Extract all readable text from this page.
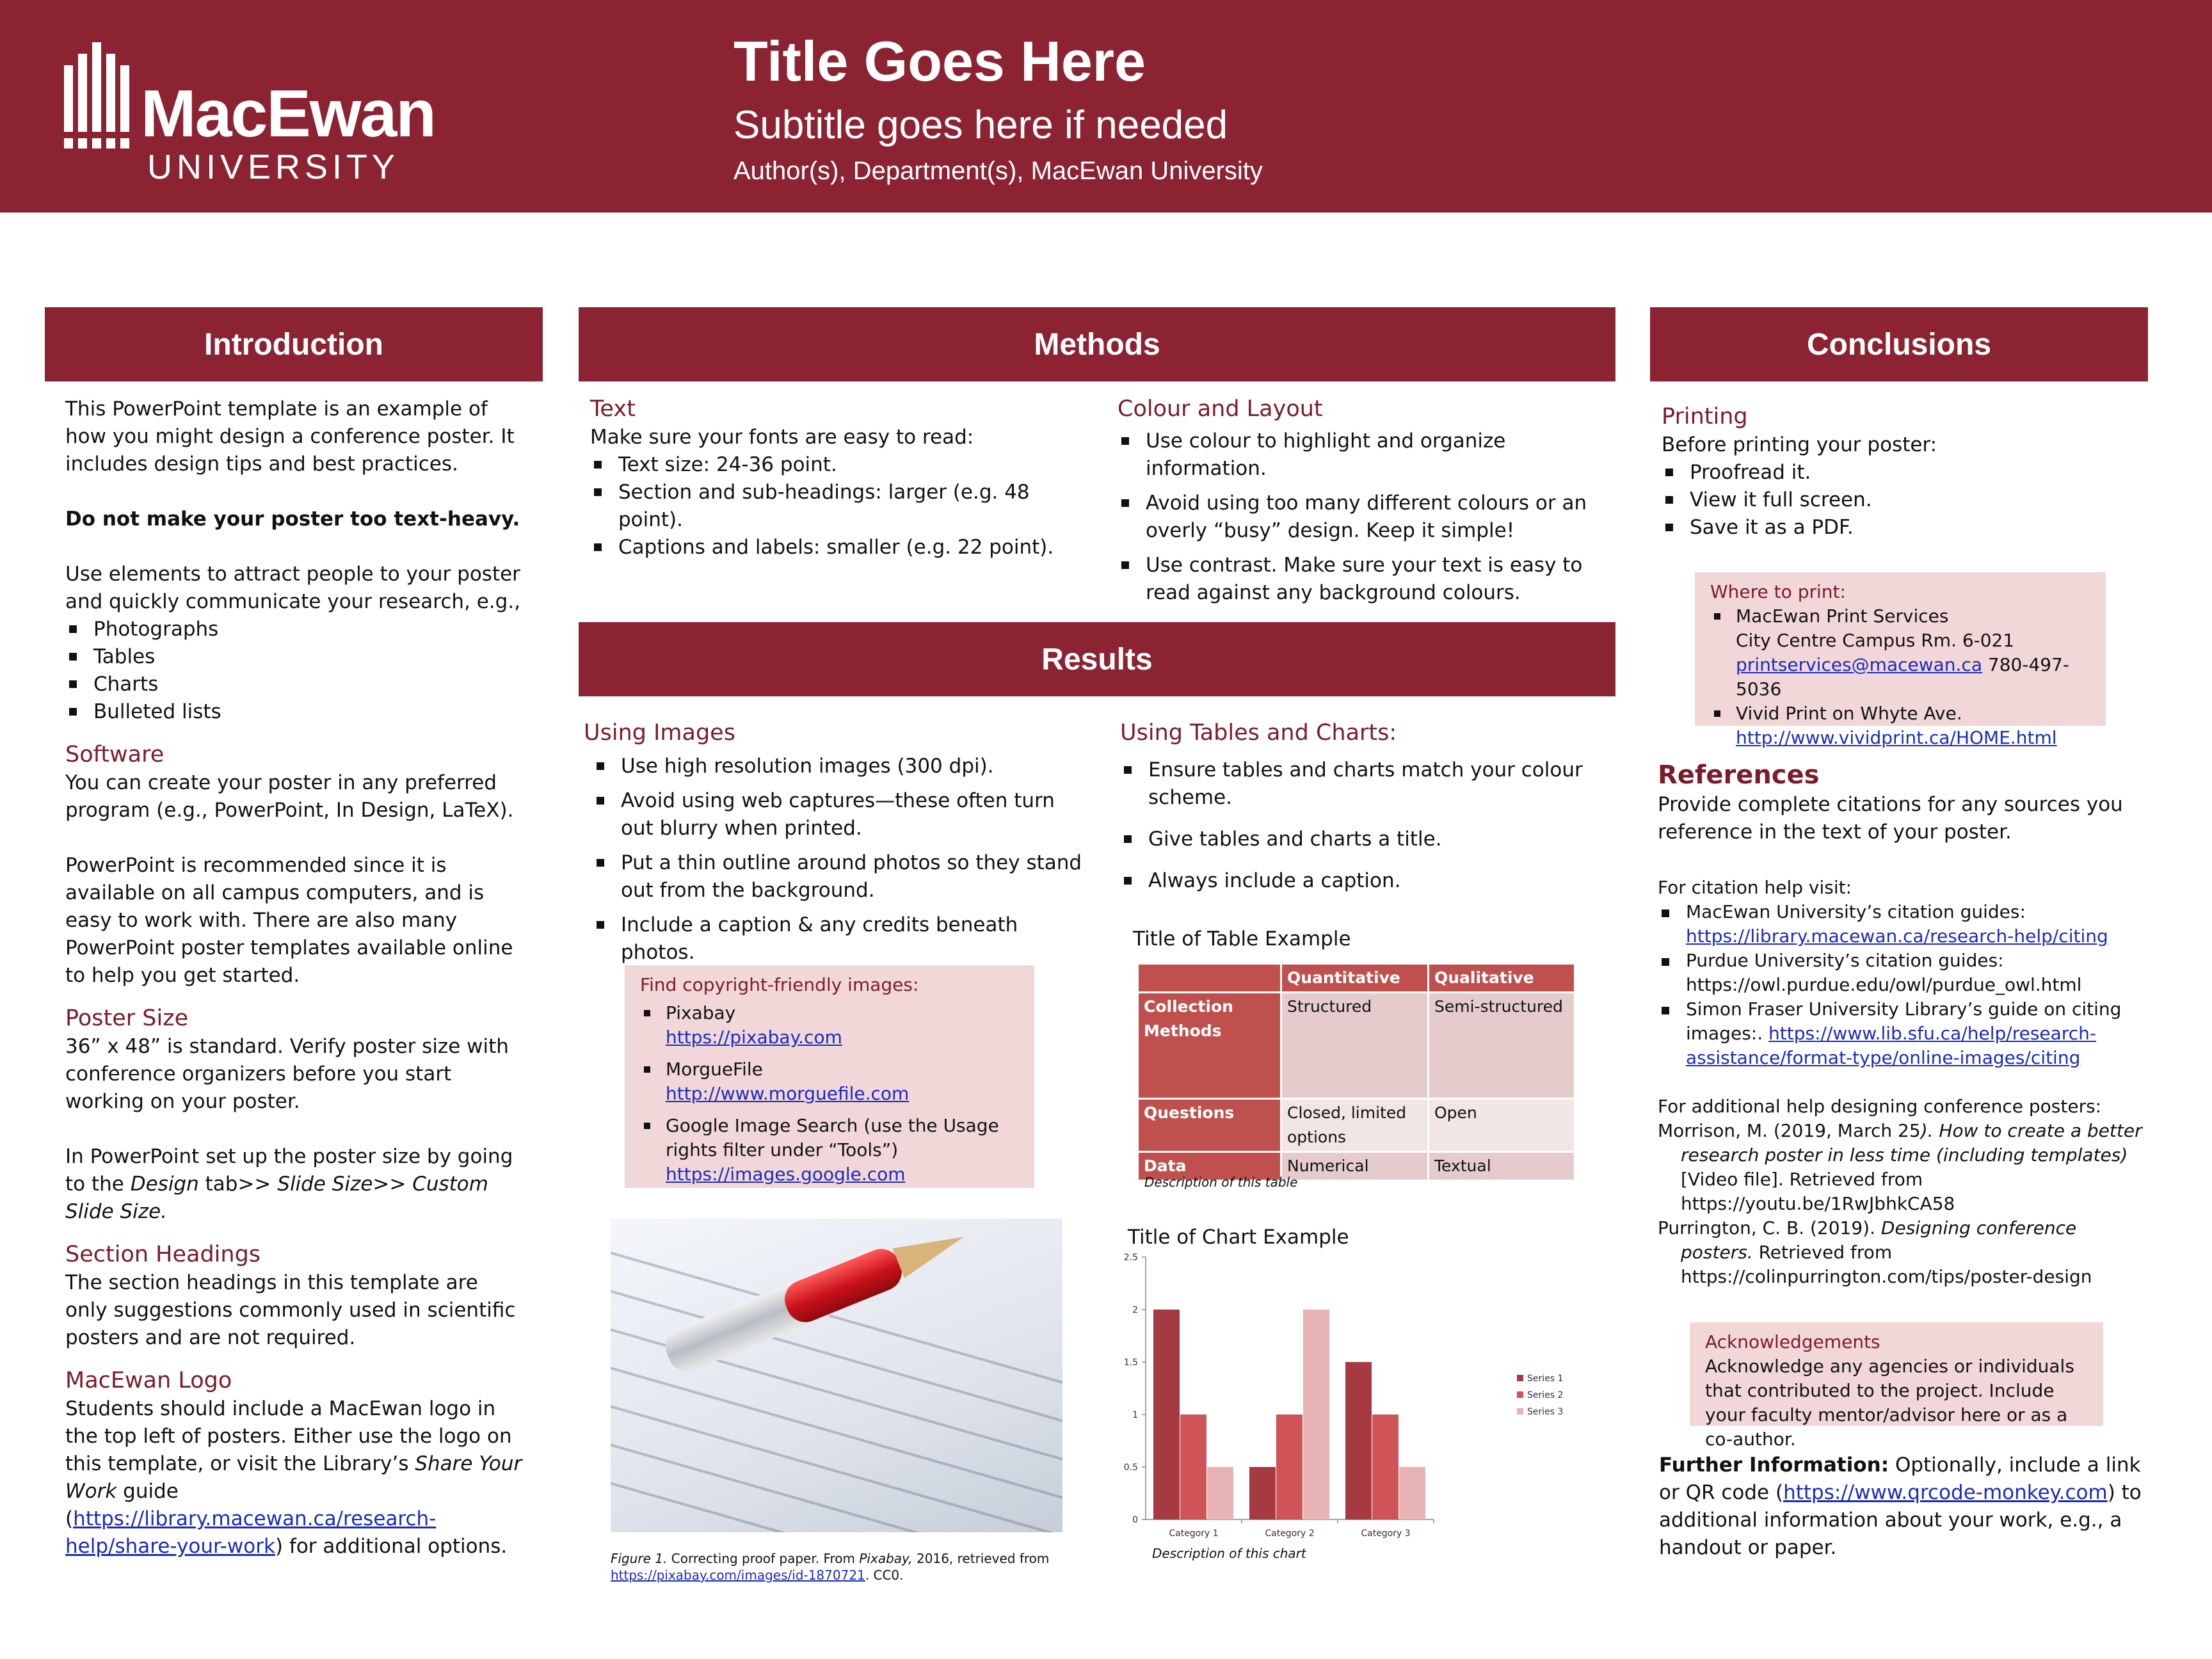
MacEwan
UNIVERSITY
Title Goes Here
Subtitle goes here if needed
Author(s), Department(s), MacEwan University
Introduction	Methods	Conclusions
Results

This PowerPoint template is an example of how you might design a conference poster. It includes design tips and best practices.

Do not make your poster too text-heavy.

Use elements to attract people to your poster and quickly communicate your research, e.g.,

Photographs
Tables
Charts
Bulleted lists
Software

You can create your poster in any preferred program (e.g., PowerPoint, In Design, LaTeX).

PowerPoint is recommended since it is available on all campus computers, and is easy to work with. There are also many PowerPoint poster templates available online to help you get started.

Poster Size

36” x 48” is standard. Verify poster size with conference organizers before you start working on your poster.

In PowerPoint set up the poster size by going to the Design tab>> Slide Size>> Custom Slide Size.

Section Headings

The section headings in this template are only suggestions commonly used in scientific posters and are not required.

MacEwan Logo

Students should include a MacEwan logo in the top left of posters. Either use the logo on this template, or visit the Library’s Share Your Work guide (https://library.macewan.ca/research-help/share-your-work) for additional options.

Text

Make sure your fonts are easy to read:

Text size: 24-36 point.
Section and sub-headings: larger (e.g. 48 point).
Captions and labels: smaller (e.g. 22 point).
Colour and Layout
Use colour to highlight and organize information.
Avoid using too many different colours or an overly “busy” design. Keep it simple!
Use contrast. Make sure your text is easy to read against any background colours.
Using Images
Use high resolution images (300 dpi).
Avoid using web captures—these often turn out blurry when printed.
Put a thin outline around photos so they stand out from the background.
Include a caption & any credits beneath photos.
Find copyright-friendly images:
Pixabay
https://pixabay.com
MorgueFile
http://www.morguefile.com
Google Image Search (use the Usage rights filter under “Tools”)
https://images.google.com
Figure 1. Correcting proof paper. From Pixabay, 2016, retrieved from
https://pixabay.com/images/id-1870721. CC0.
Using Tables and Charts:
Ensure tables and charts match your colour scheme.
Give tables and charts a title.
Always include a caption.
Title of Table Example
	Quantitative	Qualitative
Collection Methods	Structured	Semi-structured
Questions	Closed, limited options	Open
Data	Numerical	Textual
Description of this table
Title of Chart Example
0
0.5
1
1.5
2
2.5
Category 1	Category 2	Category 3
Series 1
Series 2
Series 3
Description of this chart
Printing

Before printing your poster:

Proofread it.
View it full screen.
Save it as a PDF.
Where to print:
MacEwan Print Services
City Centre Campus Rm. 6-021
printservices@macewan.ca 780-497-5036
Vivid Print on Whyte Ave.
http://www.vividprint.ca/HOME.html
References

Provide complete citations for any sources you reference in the text of your poster.

For citation help visit:

MacEwan University’s citation guides:
https://library.macewan.ca/research-help/citing
Purdue University’s citation guides:
https://owl.purdue.edu/owl/purdue_owl.html
Simon Fraser University Library’s guide on citing images:. https://www.lib.sfu.ca/help/research-assistance/format-type/online-images/citing

For additional help designing conference posters:

Morrison, M. (2019, March 25). How to create a better research poster in less time (including templates) [Video file]. Retrieved from https://youtu.be/1RwJbhkCA58

Purrington, C. B. (2019). Designing conference posters. Retrieved from https://colinpurrington.com/tips/poster-design

Acknowledgements
Acknowledge any agencies or individuals that contributed to the project. Include your faculty mentor/advisor here or as a co-author.

Further Information: Optionally, include a link or QR code (https://www.qrcode-monkey.com) to additional information about your work, e.g., a handout or paper.
